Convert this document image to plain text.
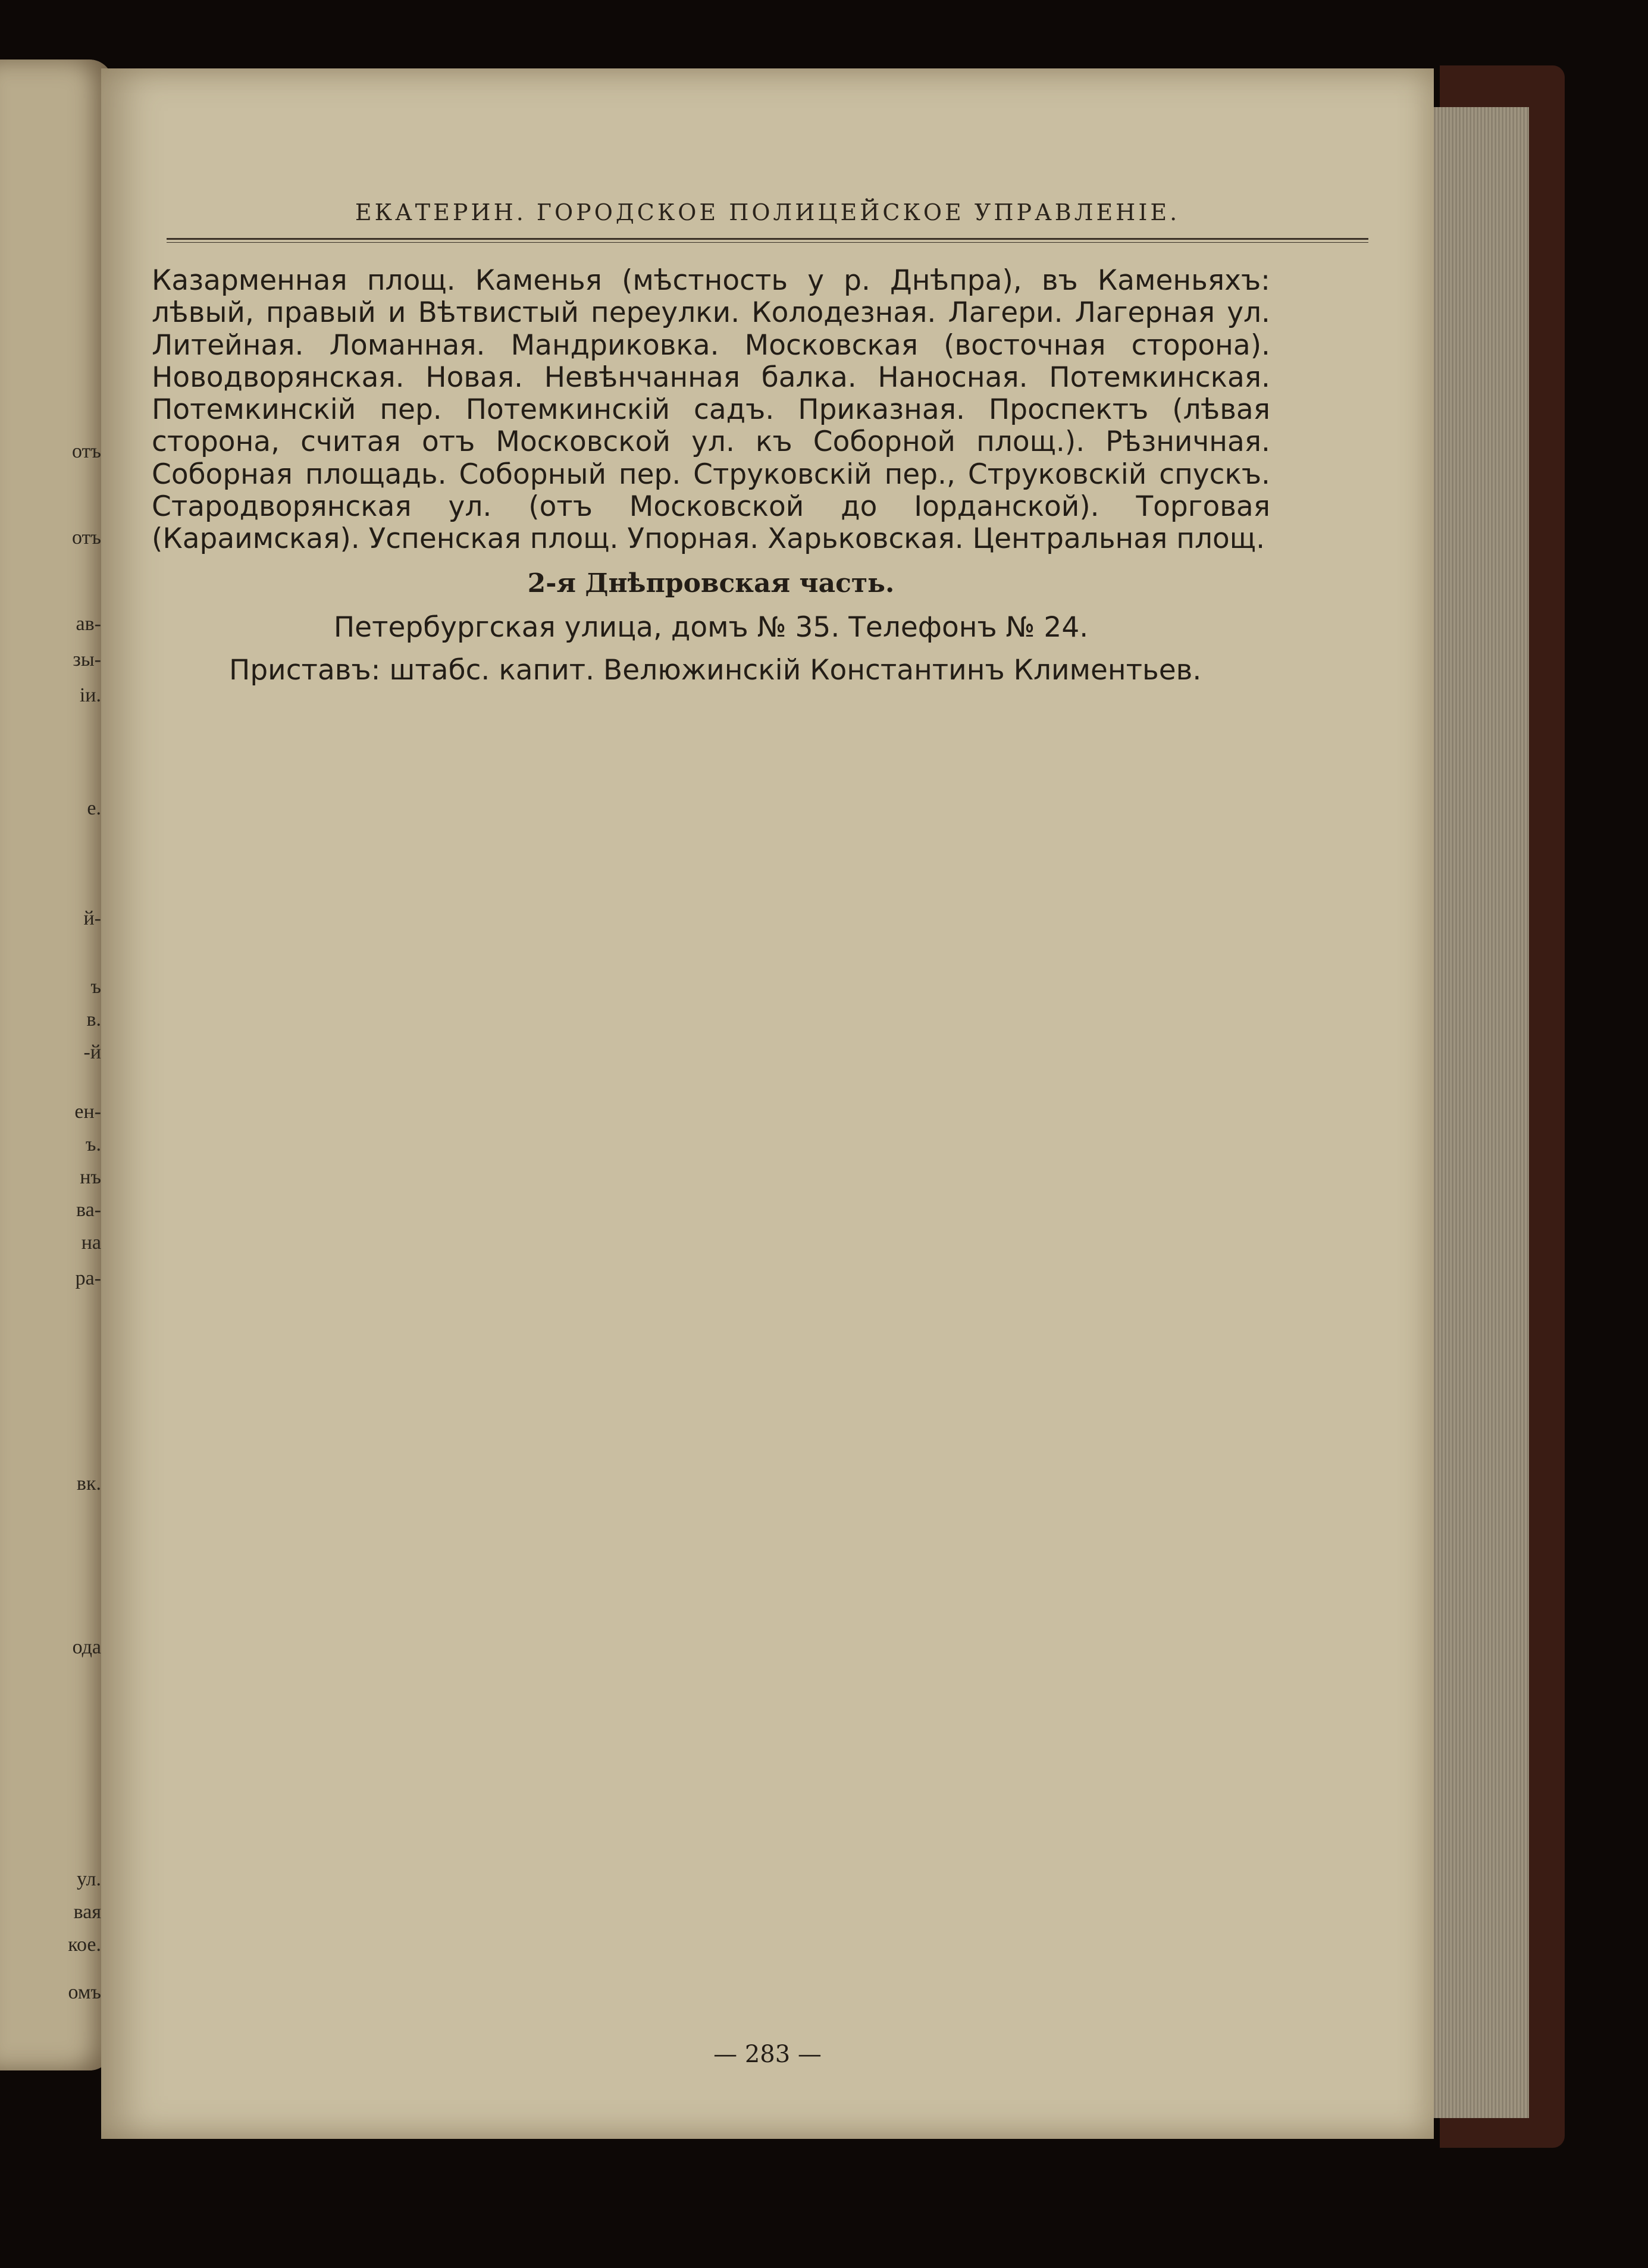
отъ
отъ
ав-
зы-
іи.
е.
й-
ъ
в.
-й
ен-
ъ.
нъ
ва-
на
ра-
вк.
ода
ул.
вая
кое.
омъ
ЕКАТЕРИН. ГОРОДСКОЕ ПОЛИЦЕЙСКОЕ УПРАВЛЕНІЕ.

Казарменная площ. Каменья (мѣстность у р. Днѣпра), въ Каменьяхъ: лѣвый, правый и Вѣтвистый переулки. Колодезная. Лагери. Лагерная ул. Литейная. Ломанная. Мандриковка. Московская (восточная сторона). Новодворянская. Новая. Невѣнчанная балка. Наносная. Потемкинская. Потемкинскій пер. Потемкинскій садъ. Приказная. Проспектъ (лѣвая сторона, считая отъ Московской ул. къ Соборной площ.). Рѣзничная. Соборная площадь. Соборный пер. Струковскій пер., Струковскій спускъ. Стародворянская ул. (отъ Московской до Іорданской). Торговая (Караимская). Успенская площ. Упорная. Харьковская. Центральная площ.

2-я Днѣпровская часть.

Петербургская улица, домъ № 35. Телефонъ № 24.

Приставъ: штабс. капит. Велюжинскій Константинъ Климентьев.

— 283 —
